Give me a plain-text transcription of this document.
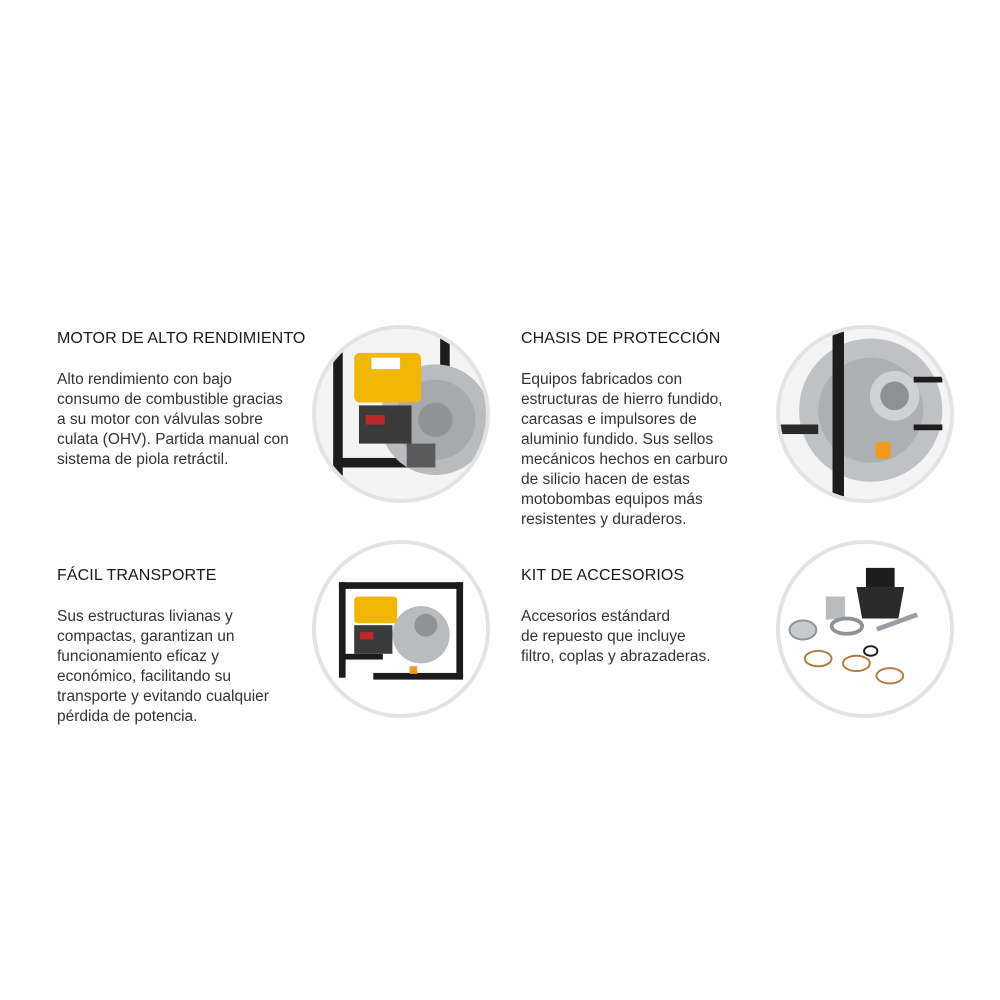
MOTOR DE ALTO RENDIMIENTO

Alto rendimiento con bajo
consumo de combustible gracias
a su motor con válvulas sobre
culata (OHV). Partida manual con
sistema de piola retráctil.

CHASIS DE PROTECCIÓN

Equipos fabricados con
estructuras de hierro fundido,
carcasas e impulsores de
aluminio fundido. Sus sellos
mecánicos hechos en carburo
de silicio hacen de estas
motobombas equipos más
resistentes y duraderos.

FÁCIL TRANSPORTE

Sus estructuras livianas y
compactas, garantizan un
funcionamiento eficaz y
económico, facilitando su
transporte y evitando cualquier
pérdida de potencia.

KIT DE ACCESORIOS

Accesorios estándard
de repuesto que incluye
filtro, coplas y abrazaderas.
